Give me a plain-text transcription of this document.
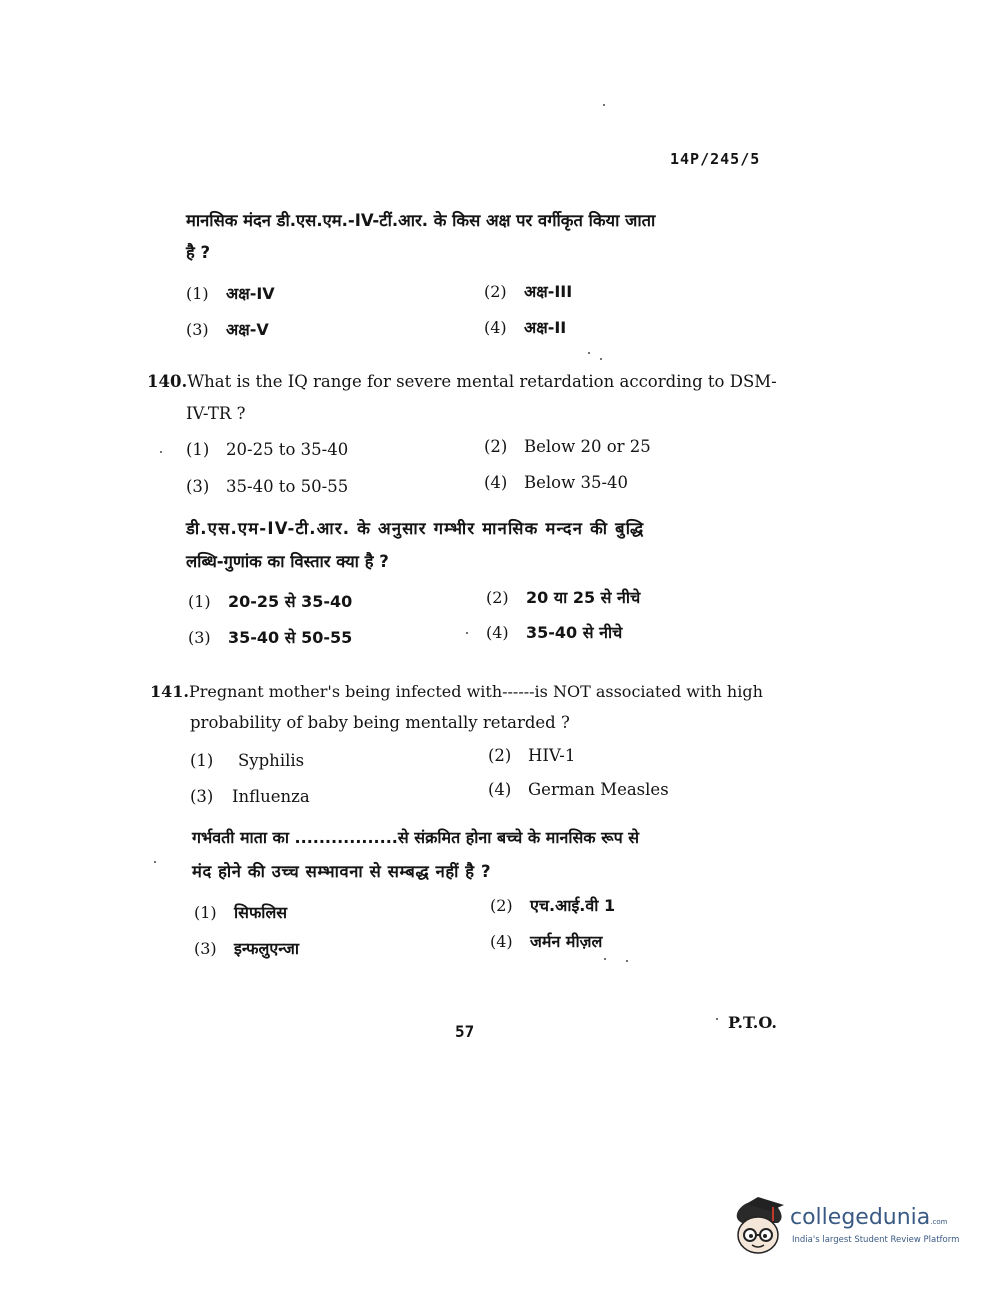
14P/245/5
मानसिक मंदन डी.एस.एम.-IV-टीं.आर. के किस अक्ष पर वर्गीकृत किया जाता
है ?
(1) अक्ष-IV	(2) अक्ष-III
(3) अक्ष-V	(4) अक्ष-II
140.What is the IQ range for severe mental retardation according to DSM-
IV-TR ?
(1) 20-25 to 35-40	(2) Below 20 or 25
(3) 35-40 to 50-55	(4) Below 35-40
डी.एस.एम-IV-टी.आर. के अनुसार गम्भीर मानसिक मन्दन की बुद्धि
लब्धि-गुणांक का विस्तार क्या है ?
(1) 20-25 से 35-40	(2) 20 या 25 से नीचे
(3) 35-40 से 50-55	(4) 35-40 से नीचे
141.Pregnant mother's being infected with------is NOT associated with high
probability of baby being mentally retarded ?
(1) Syphilis	(2) HIV-1
(3) Influenza	(4) German Measles
गर्भवती माता का .................से संक्रमित होना बच्चे के मानसिक रूप से
मंद होने की उच्च सम्भावना से सम्बद्ध नहीं है ?
(1) सिफलिस	(2) एच.आई.वी 1
(3) इन्फलुएन्जा	(4) जर्मन मीज़ल
57	P.T.O.
collegedunia.com
India's largest Student Review Platform
